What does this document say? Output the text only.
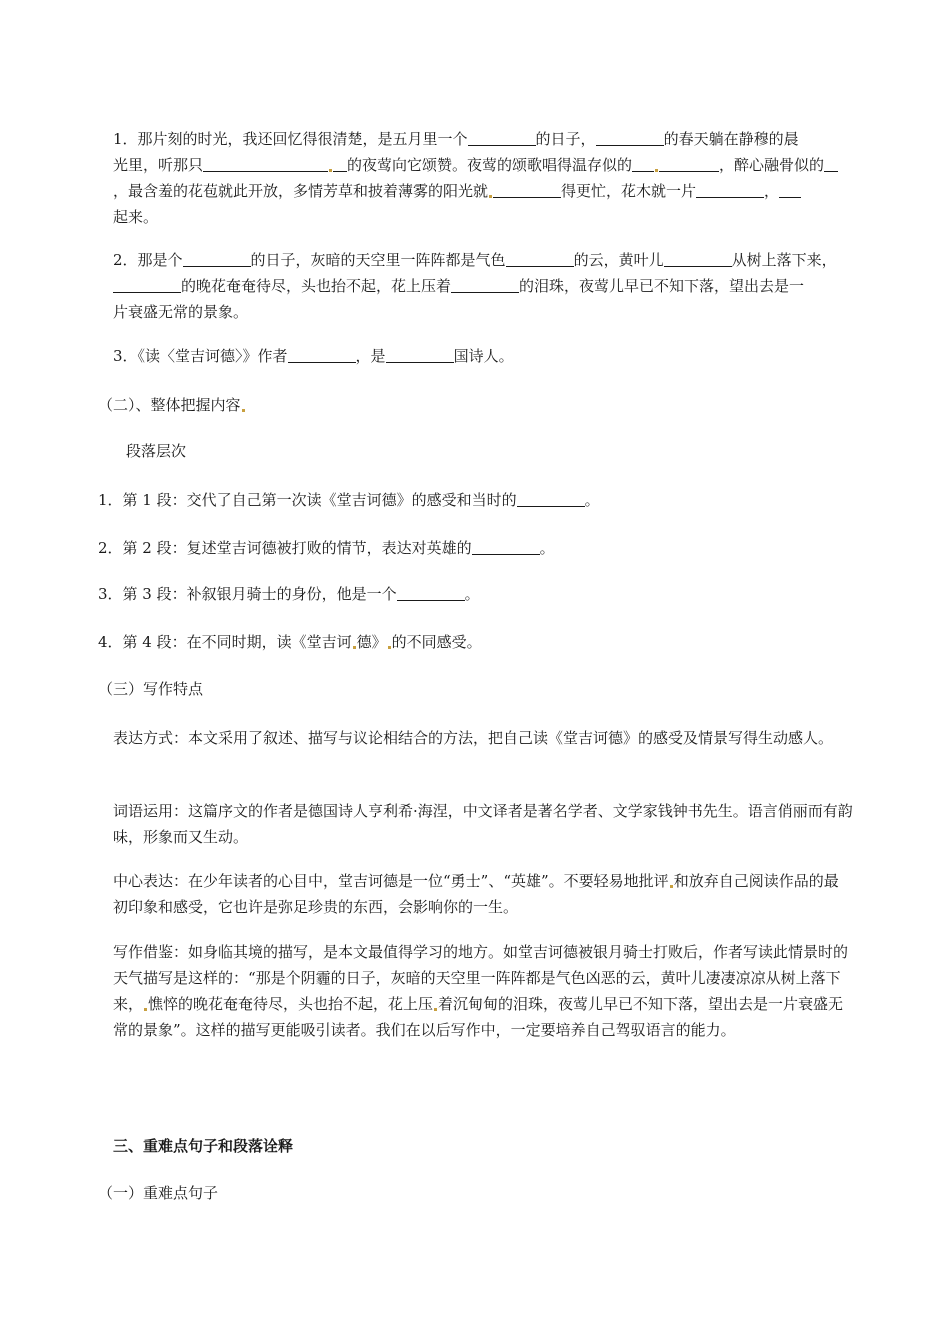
1．那片刻的时光，我还回忆得很清楚，是五月里一个	的日子，	的春天躺在静穆的晨
光里，听那只	的夜莺向它颂赞。夜莺的颂歌唱得温存似的	，醉心融骨似的
，最含羞的花苞就此开放，多情芳草和披着薄雾的阳光就	得更忙，花木就一片	，
起来。
2．那是个	的日子，灰暗的天空里一阵阵都是气色	的云，黄叶儿	从树上落下来，
的晚花奄奄待尽，头也抬不起，花上压着	的泪珠，夜莺儿早已不知下落，望出去是一
片衰盛无常的景象。
3．《读〈堂吉诃德〉》作者	，是	国诗人。
（二）、整体把握内容
段落层次
1．第 1 段：交代了自己第一次读《堂吉诃德》的感受和当时的	。
2．第 2 段：复述堂吉诃德被打败的情节，表达对英雄的	。
3．第 3 段：补叙银月骑士的身份，他是一个	。
4．第 4 段：在不同时期，读《堂吉诃 德》 的不同感受。
（三）写作特点
表达方式：本文采用了叙述、描写与议论相结合的方法，把自己读《堂吉诃德》的感受及情景写得生动感人。
词语运用：这篇序文的作者是德国诗人亨利希·海涅，中文译者是著名学者、文学家钱钟书先生。语言俏丽而有韵味，形象而又生动。
中心表达：在少年读者的心目中，堂吉诃德是一位“勇士”、“英雄”。不要轻易地批评 和放弃自己阅读作品的最初印象和感受，它也许是弥足珍贵的东西，会影响你的一生。
写作借鉴：如身临其境的描写，是本文最值得学习的地方。如堂吉诃德被银月骑士打败后，作者写读此情景时的天气描写是这样的：“那是个阴霾的日子，灰暗的天空里一阵阵都是气色凶恶的云，黄叶儿凄凄凉凉从树上落下来， 憔悴的晚花奄奄待尽，头也抬不起，花上压 着沉甸甸的泪珠，夜莺儿早已不知下落，望出去是一片衰盛无常的景象”。这样的描写更能吸引读者。我们在以后写作中，一定要培养自己驾驭语言的能力。
三、重难点句子和段落诠释
（一）重难点句子
